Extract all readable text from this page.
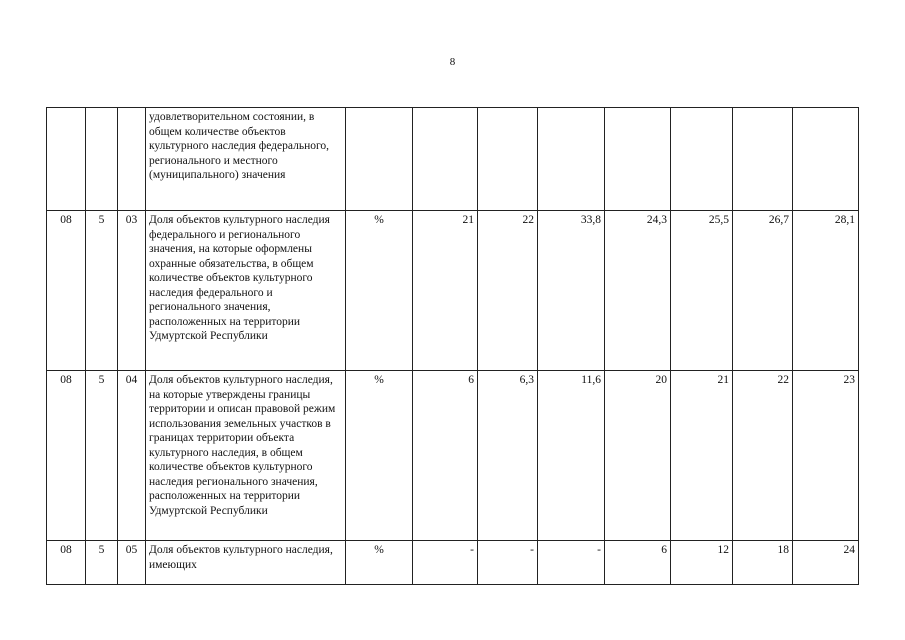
8
			удовлетворительном состоянии, в общем количестве объектов культурного наследия федерального, регионального и местного (муниципального) значения								
08	5	03	Доля объектов культурного наследия федерального и регионального значения, на которые оформлены охранные обязательства, в общем количестве объектов культурного наследия федерального и регионального значения, расположенных на территории Удмуртской Республики	%	21	22	33,8	24,3	25,5	26,7	28,1
08	5	04	Доля объектов культурного наследия, на которые утверждены границы территории и описан правовой режим использования земельных участков в границах территории объекта культурного наследия, в общем количестве объектов культурного наследия регионального значения, расположенных на территории Удмуртской Республики	%	6	6,3	11,6	20	21	22	23
08	5	05	Доля объектов культурного наследия, имеющих	%	-	-	-	6	12	18	24
